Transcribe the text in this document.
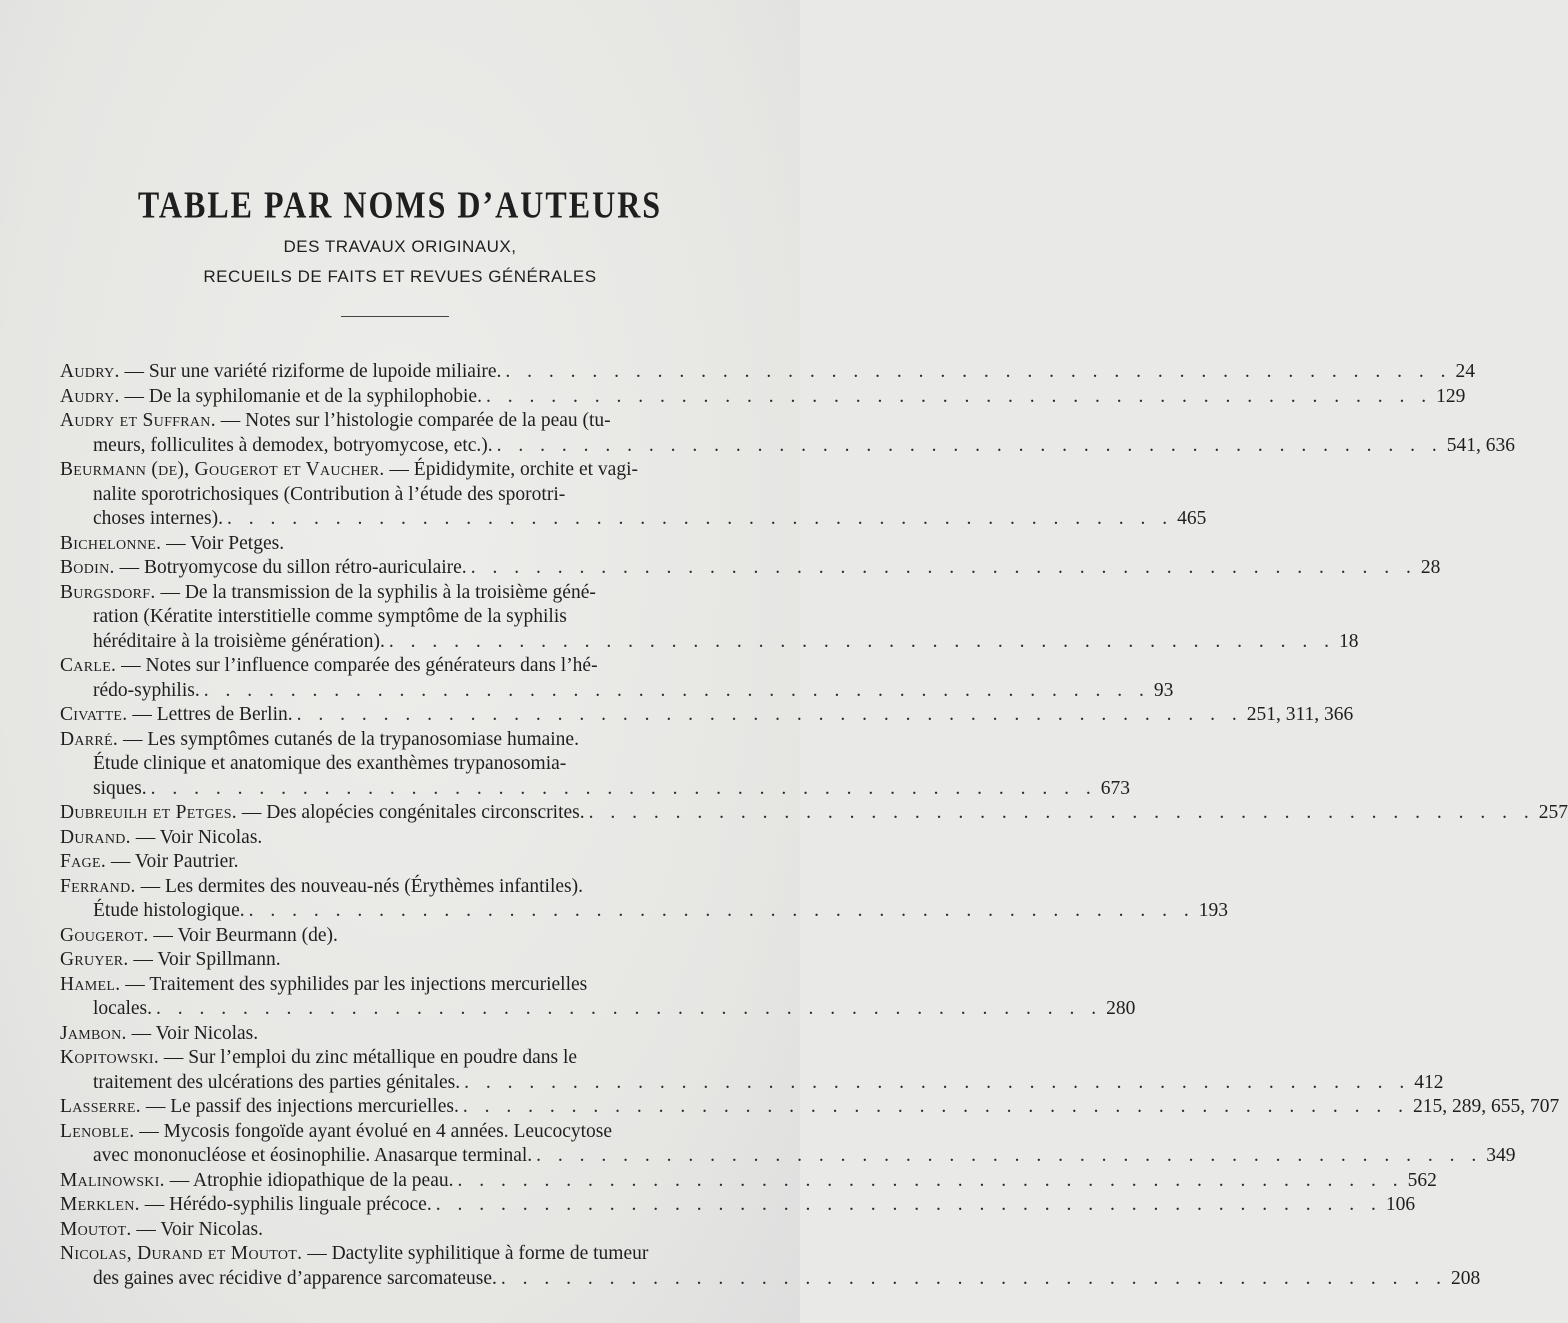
TABLE PAR NOMS D’AUTEURS

DES TRAVAUX ORIGINAUX,

RECUEILS DE FAITS ET REVUES GÉNÉRALES

Audry. — Sur une variété riziforme de lupoide miliaire. . . . . . . . . . . . . . . . . . . . . . . . . . . . . . . . . . . . . . . . . . . . . 24
Audry. — De la syphilomanie et de la syphilophobie. . . . . . . . . . . . . . . . . . . . . . . . . . . . . . . . . . . . . . . . . . . . . 129
Audry et Suffran. — Notes sur l’histologie comparée de la peau (tu-
meurs, folliculites à demodex, botryomycose, etc.). . . . . . . . . . . . . . . . . . . . . . . . . . . . . . . . . . . . . . . . . . . . . 541, 636
Beurmann (de), Gougerot et Vaucher. — Épididymite, orchite et vagi-
nalite sporotrichosiques (Contribution à l’étude des sporotri-
choses internes). . . . . . . . . . . . . . . . . . . . . . . . . . . . . . . . . . . . . . . . . . . . . 465
Bichelonne. — Voir Petges.
Bodin. — Botryomycose du sillon rétro-auriculaire. . . . . . . . . . . . . . . . . . . . . . . . . . . . . . . . . . . . . . . . . . . . . 28
Burgsdorf. — De la transmission de la syphilis à la troisième géné-
ration (Kératite interstitielle comme symptôme de la syphilis
héréditaire à la troisième génération). . . . . . . . . . . . . . . . . . . . . . . . . . . . . . . . . . . . . . . . . . . . . 18
Carle. — Notes sur l’influence comparée des générateurs dans l’hé-
rédo-syphilis. . . . . . . . . . . . . . . . . . . . . . . . . . . . . . . . . . . . . . . . . . . . . 93
Civatte. — Lettres de Berlin. . . . . . . . . . . . . . . . . . . . . . . . . . . . . . . . . . . . . . . . . . . . . 251, 311, 366
Darré. — Les symptômes cutanés de la trypanosomiase humaine.
Étude clinique et anatomique des exanthèmes trypanosomia-
siques. . . . . . . . . . . . . . . . . . . . . . . . . . . . . . . . . . . . . . . . . . . . . 673
Dubreuilh et Petges. — Des alopécies congénitales circonscrites. . . . . . . . . . . . . . . . . . . . . . . . . . . . . . . . . . . . . . . . . . . . . 257
Durand. — Voir Nicolas.
Fage. — Voir Pautrier.
Ferrand. — Les dermites des nouveau-nés (Érythèmes infantiles).
Étude histologique. . . . . . . . . . . . . . . . . . . . . . . . . . . . . . . . . . . . . . . . . . . . . 193
Gougerot. — Voir Beurmann (de).
Gruyer. — Voir Spillmann.
Hamel. — Traitement des syphilides par les injections mercurielles
locales. . . . . . . . . . . . . . . . . . . . . . . . . . . . . . . . . . . . . . . . . . . . . 280
Jambon. — Voir Nicolas.
Kopitowski. — Sur l’emploi du zinc métallique en poudre dans le
traitement des ulcérations des parties génitales. . . . . . . . . . . . . . . . . . . . . . . . . . . . . . . . . . . . . . . . . . . . . 412
Lasserre. — Le passif des injections mercurielles. . . . . . . . . . . . . . . . . . . . . . . . . . . . . . . . . . . . . . . . . . . . . 215, 289, 655, 707
Lenoble. — Mycosis fongoïde ayant évolué en 4 années. Leucocytose
avec mononucléose et éosinophilie. Anasarque terminal. . . . . . . . . . . . . . . . . . . . . . . . . . . . . . . . . . . . . . . . . . . . . 349
Malinowski. — Atrophie idiopathique de la peau. . . . . . . . . . . . . . . . . . . . . . . . . . . . . . . . . . . . . . . . . . . . . 562
Merklen. — Hérédo-syphilis linguale précoce. . . . . . . . . . . . . . . . . . . . . . . . . . . . . . . . . . . . . . . . . . . . . 106
Moutot. — Voir Nicolas.
Nicolas, Durand et Moutot. — Dactylite syphilitique à forme de tumeur
des gaines avec récidive d’apparence sarcomateuse. . . . . . . . . . . . . . . . . . . . . . . . . . . . . . . . . . . . . . . . . . . . . 208
